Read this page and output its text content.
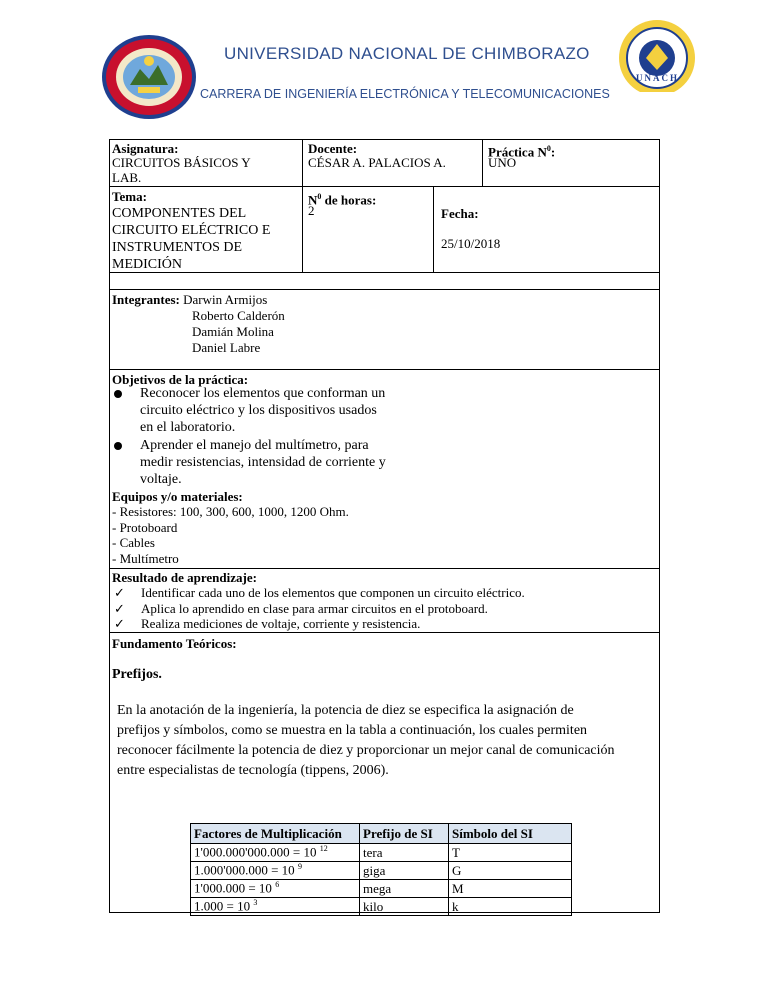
UNACH
UNIVERSIDAD NACIONAL DE CHIMBORAZO
CARRERA DE INGENIERÍA ELECTRÓNICA Y TELECOMUNICACIONES
Asignatura:
CIRCUITOS BÁSICOS Y
LAB.
Docente:
CÉSAR A. PALACIOS A.
Práctica $N^0$:
UNO
Tema:
COMPONENTES DEL
CIRCUITO ELÉCTRICO E
INSTRUMENTOS DE
MEDICIÓN
$N^0$ de horas:
2	Fecha:
25/10/2018
Integrantes: Darwin Armijos
Roberto Calderón
Damián Molina
Daniel Labre
Objetivos de la práctica:
Reconocer los elementos que conforman un
circuito eléctrico y los dispositivos usados
en el laboratorio.
Aprender el manejo del multímetro, para
medir resistencias, intensidad de corriente y
voltaje.
Equipos y/o materiales:
- Resistores: 100, 300, 600, 1000, 1200 Ohm.
- Protoboard
- Cables
- Multímetro
Resultado de aprendizaje:
✓ Identificar cada uno de los elementos que componen un circuito eléctrico.
✓ Aplica lo aprendido en clase para armar circuitos en el protoboard.
✓ Realiza mediciones de voltaje, corriente y resistencia.
Fundamento Teóricos:
Prefijos.
En la anotación de la ingeniería, la potencia de diez se especifica la asignación de
prefijos y símbolos, como se muestra en la tabla a continuación, los cuales permiten
reconocer fácilmente la potencia de diez y proporcionar un mejor canal de comunicación
entre especialistas de tecnología (tippens, 2006).
Factores de Multiplicación	Prefijo de SI	Símbolo del SI
1'000.000'000.000 = 10 $^{12}$	tera	T
1.000'000.000 = 10 $^9$	giga	G
1'000.000 = 10 $^6$	mega	M
1.000 = 10 $^3$	kilo	k
